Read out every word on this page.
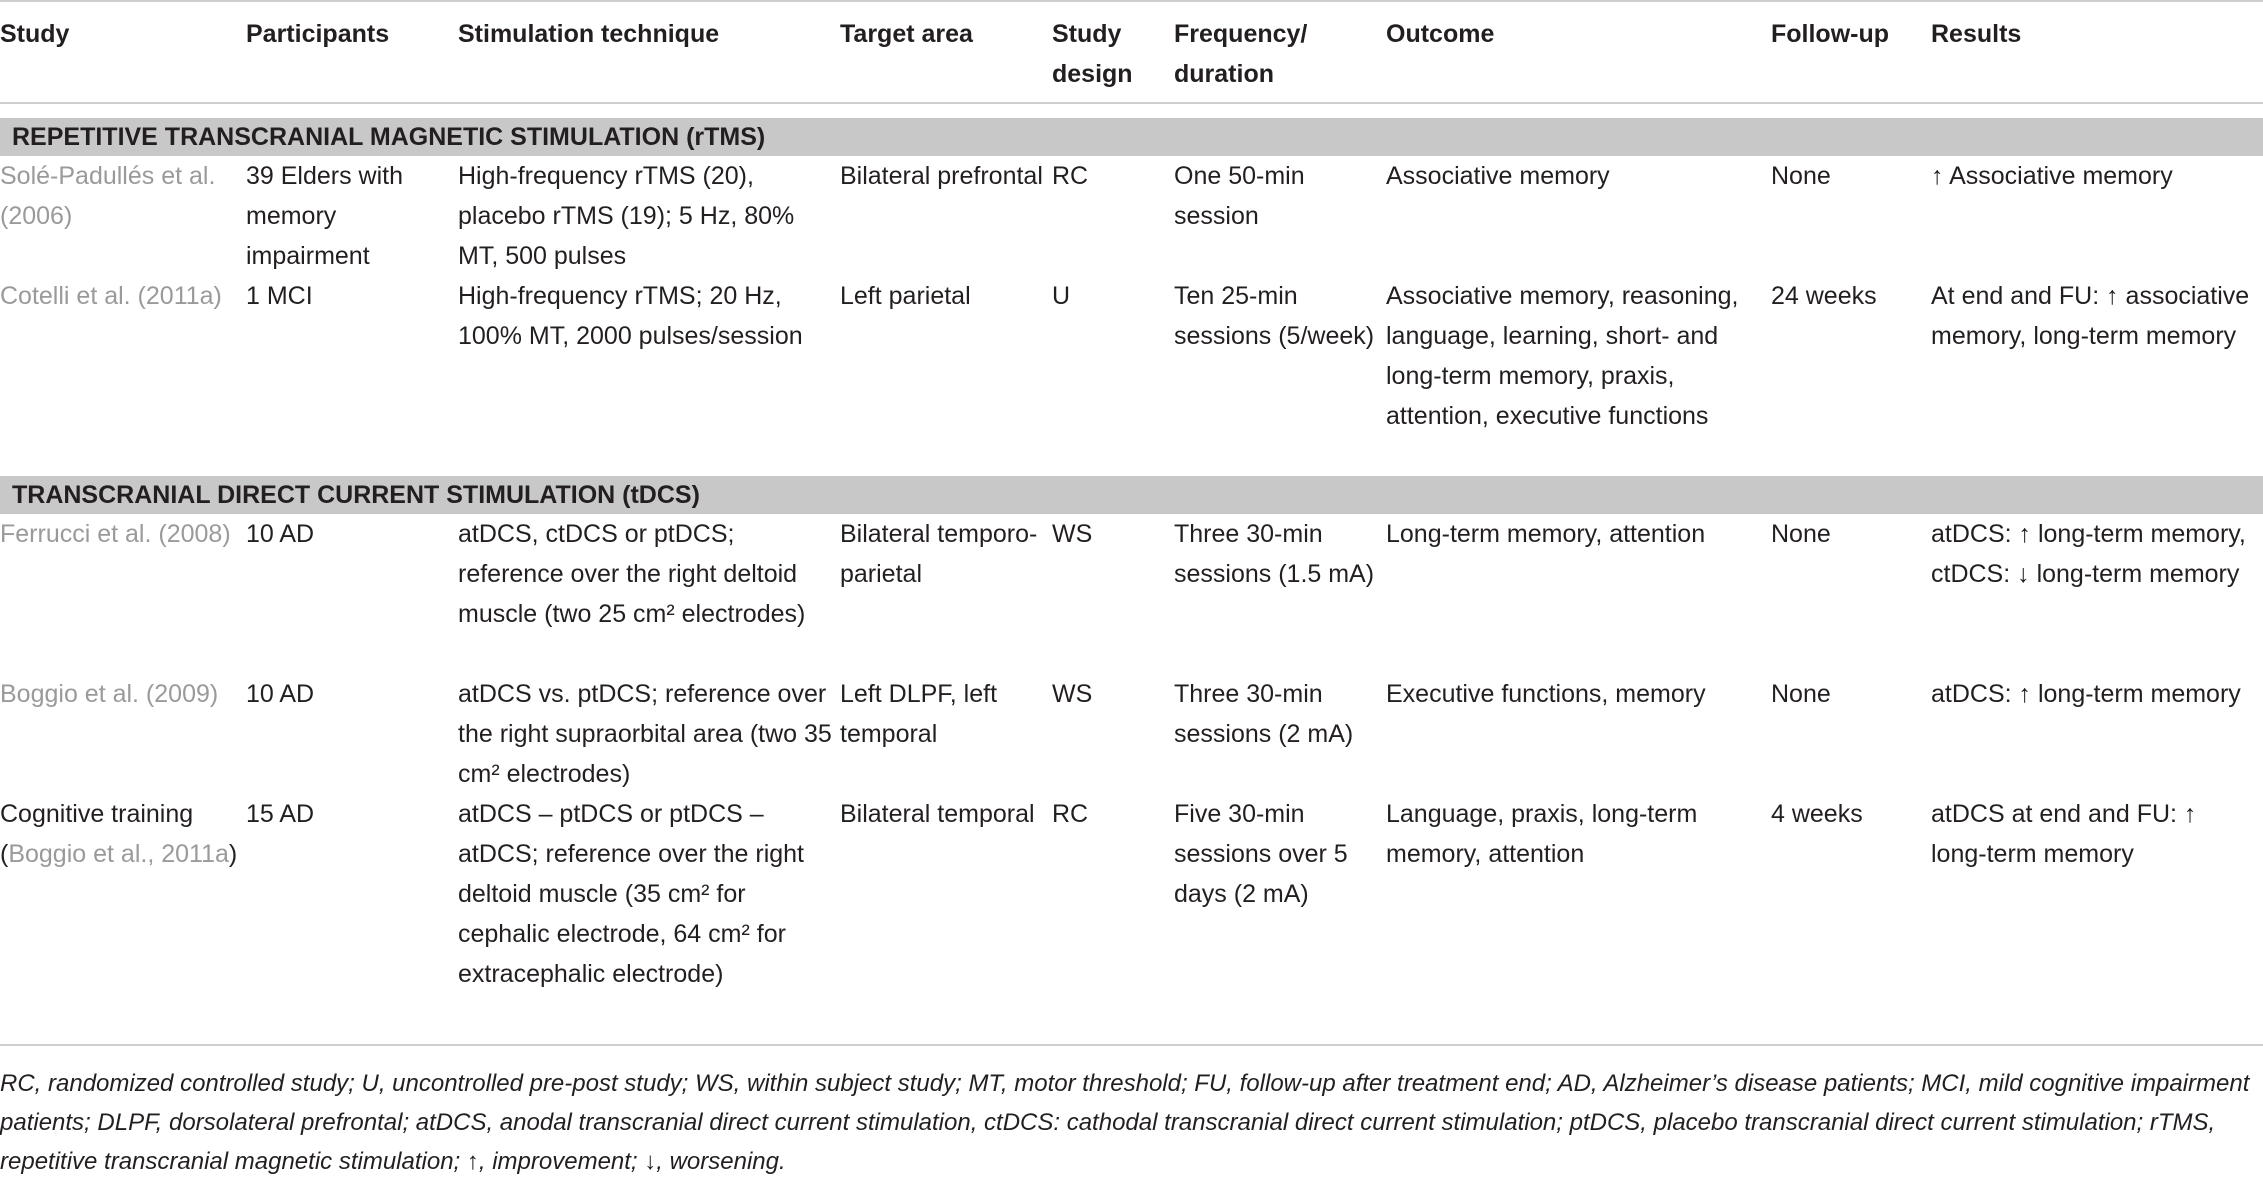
Study	Participants	Stimulation technique	Target area	Study design	Frequency/ duration	Outcome	Follow-up	Results

REPETITIVE TRANSCRANIAL MAGNETIC STIMULATION (rTMS)								
Solé-Padullés et al. (2006)	39 Elders with memory impairment	High-frequency rTMS (20), placebo rTMS (19); 5 Hz, 80% MT, 500 pulses	Bilateral prefrontal	RC	One 50-min session	Associative memory	None	↑ Associative memory
Cotelli et al. (2011a)	1 MCI	High-frequency rTMS; 20 Hz, 100% MT, 2000 pulses/session	Left parietal	U	Ten 25-min sessions (5/week)	Associative memory, reasoning, language, learning, short- and long-term memory, praxis, attention, executive functions	24 weeks	At end and FU: ↑ associative memory, long-term memory
TRANSCRANIAL DIRECT CURRENT STIMULATION (tDCS)								
Ferrucci et al. (2008)	10 AD	atDCS, ctDCS or ptDCS; reference over the right deltoid muscle (two 25 cm² electrodes)	Bilateral temporo-parietal	WS	Three 30-min sessions (1.5 mA)	Long-term memory, attention	None	atDCS: ↑ long-term memory, ctDCS: ↓ long-term memory
Boggio et al. (2009)	10 AD	atDCS vs. ptDCS; reference over the right supraorbital area (two 35 cm² electrodes)	Left DLPF, left temporal	WS	Three 30-min sessions (2 mA)	Executive functions, memory	None	atDCS: ↑ long-term memory
Cognitive training (Boggio et al., 2011a)	15 AD	atDCS – ptDCS or ptDCS – atDCS; reference over the right deltoid muscle (35 cm² for cephalic electrode, 64 cm² for extracephalic electrode)	Bilateral temporal	RC	Five 30-min sessions over 5 days (2 mA)	Language, praxis, long-term memory, attention	4 weeks	atDCS at end and FU: ↑ long-term memory
RC, randomized controlled study; U, uncontrolled pre-post study; WS, within subject study; MT, motor threshold; FU, follow-up after treatment end; AD, Alzheimer’s disease patients; MCI, mild cognitive impairment patients; DLPF, dorsolateral prefrontal; atDCS, anodal transcranial direct current stimulation, ctDCS: cathodal transcranial direct current stimulation; ptDCS, placebo transcranial direct current stimulation; rTMS, repetitive transcranial magnetic stimulation; ↑, improvement; ↓, worsening.
